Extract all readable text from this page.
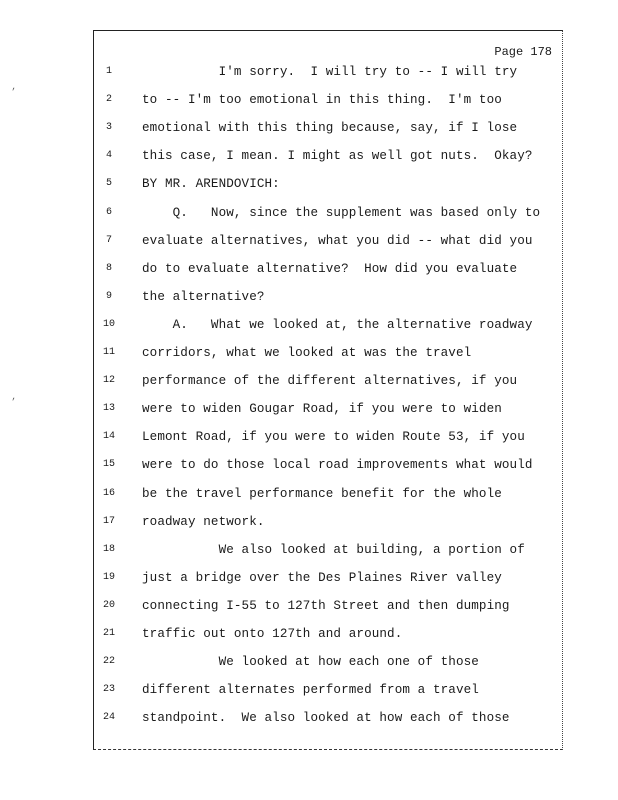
Page 178
1	I'm sorry.  I will try to -- I will try
2	to -- I'm too emotional in this thing.  I'm too
3	emotional with this thing because, say, if I lose
4	this case, I mean. I might as well got nuts.  Okay?
5	BY MR. ARENDOVICH:
6	Q.   Now, since the supplement was based only to
7	evaluate alternatives, what you did -- what did you
8	do to evaluate alternative?  How did you evaluate
9	the alternative?
10	A.   What we looked at, the alternative roadway
11	corridors, what we looked at was the travel
12	performance of the different alternatives, if you
13	were to widen Gougar Road, if you were to widen
14	Lemont Road, if you were to widen Route 53, if you
15	were to do those local road improvements what would
16	be the travel performance benefit for the whole
17	roadway network.
18	We also looked at building, a portion of
19	just a bridge over the Des Plaines River valley
20	connecting I-55 to 127th Street and then dumping
21	traffic out onto 127th and around.
22	We looked at how each one of those
23	different alternates performed from a travel
24	standpoint.  We also looked at how each of those
‚
‚
